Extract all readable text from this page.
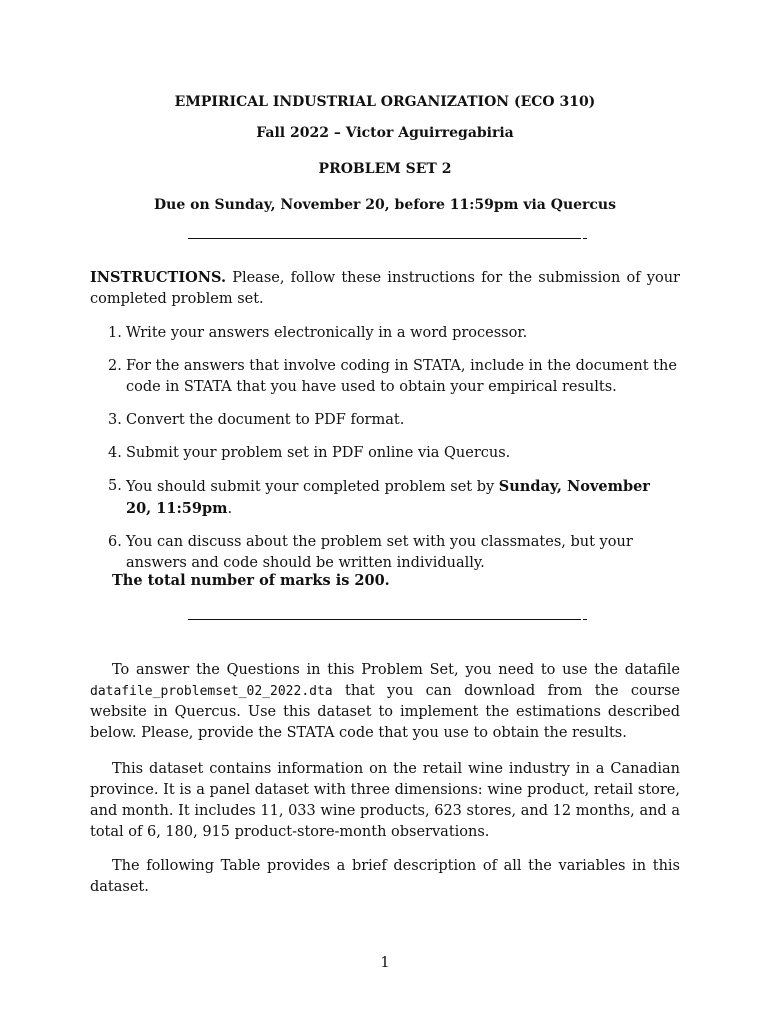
EMPIRICAL INDUSTRIAL ORGANIZATION (ECO 310)
Fall 2022 – Victor Aguirregabiria
PROBLEM SET 2
Due on Sunday, November 20, before 11:59pm via Quercus
INSTRUCTIONS. Please, follow these instructions for the submission of your completed problem set.
1. Write your answers electronically in a word processor.
2. For the answers that involve coding in STATA, include in the document the code in STATA that you have used to obtain your empirical results.
3. Convert the document to PDF format.
4. Submit your problem set in PDF online via Quercus.
5. You should submit your completed problem set by Sunday, November 20, 11:59pm.
6. You can discuss about the problem set with you classmates, but your answers and code should be written individually.
The total number of marks is 200.
To answer the Questions in this Problem Set, you need to use the datafile datafile_problemset_02_2022.dta that you can download from the course website in Quercus. Use this dataset to implement the estimations described below. Please, provide the STATA code that you use to obtain the results.
This dataset contains information on the retail wine industry in a Canadian province. It is a panel dataset with three dimensions: wine product, retail store, and month. It includes 11, 033 wine products, 623 stores, and 12 months, and a total of 6, 180, 915 product-store-month observations.
The following Table provides a brief description of all the variables in this dataset.
1
